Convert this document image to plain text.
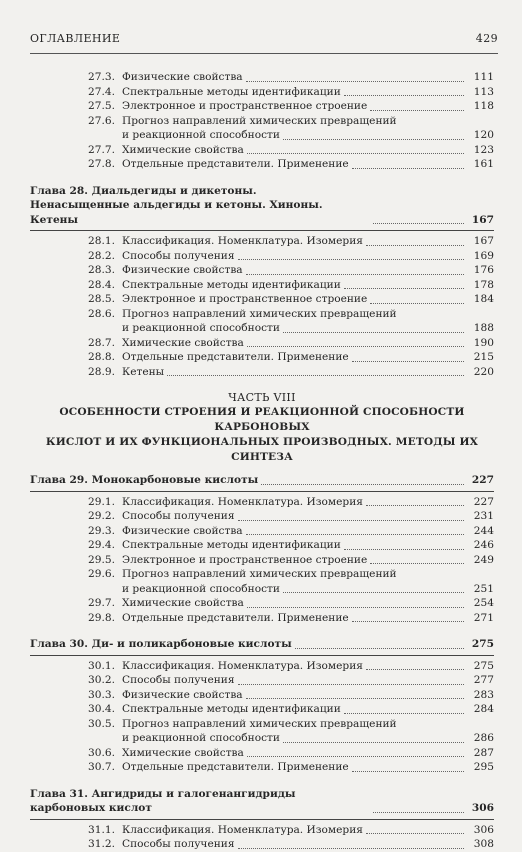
ОГЛАВЛЕНИЕ	429
27.3. Физические свойства	111
27.4. Спектральные методы идентификации	113
27.5. Электронное и пространственное строение	118
27.6. Прогноз направлений химических превращений
и реакционной способности	120
27.7. Химические свойства	123
27.8. Отдельные представители. Применение	161
Глава 28. Диальдегиды и дикетоны.
Ненасыщенные альдегиды и кетоны. Хиноны. Кетены	167
28.1. Классификация. Номенклатура. Изомерия	167
28.2. Способы получения	169
28.3. Физические свойства	176
28.4. Спектральные методы идентификации	178
28.5. Электронное и пространственное строение	184
28.6. Прогноз направлений химических превращений
и реакционной способности	188
28.7. Химические свойства	190
28.8. Отдельные представители. Применение	215
28.9. Кетены	220
ЧАСТЬ VIII
ОСОБЕННОСТИ СТРОЕНИЯ И РЕАКЦИОННОЙ СПОСОБНОСТИ КАРБОНОВЫХ
КИСЛОТ И ИХ ФУНКЦИОНАЛЬНЫХ ПРОИЗВОДНЫХ. МЕТОДЫ ИХ СИНТЕЗА
Глава 29. Монокарбоновые кислоты	227
29.1. Классификация. Номенклатура. Изомерия	227
29.2. Способы получения	231
29.3. Физические свойства	244
29.4. Спектральные методы идентификации	246
29.5. Электронное и пространственное строение	249
29.6. Прогноз направлений химических превращений
и реакционной способности	251
29.7. Химические свойства	254
29.8. Отдельные представители. Применение	271
Глава 30. Ди- и поликарбоновые кислоты	275
30.1. Классификация. Номенклатура. Изомерия	275
30.2. Способы получения	277
30.3. Физические свойства	283
30.4. Спектральные методы идентификации	284
30.5. Прогноз направлений химических превращений
и реакционной способности	286
30.6. Химические свойства	287
30.7. Отдельные представители. Применение	295
Глава 31. Ангидриды и галогенангидриды карбоновых кислот	306
31.1. Классификация. Номенклатура. Изомерия	306
31.2. Способы получения	308
